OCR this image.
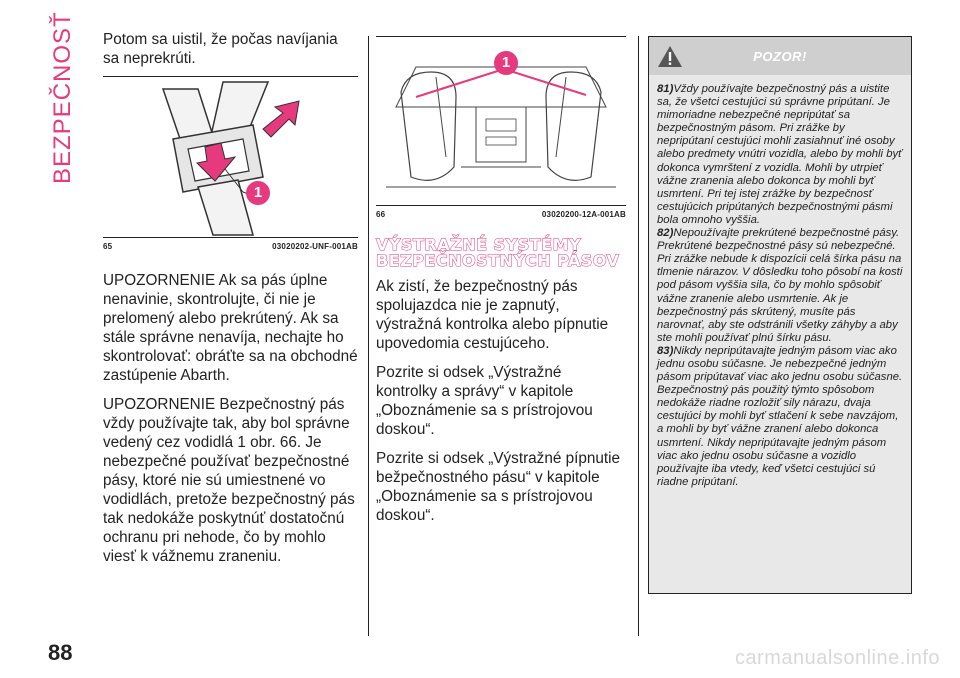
BEZPEČNOSŤ Potom sa uistil, že počas navíjania sa neprekrúti.

1
65	03020202-UNF-001AB

UPOZORNENIE Ak sa pás úplne nenavinie, skontrolujte, či nie je prelomený alebo prekrútený. Ak sa stále správne nenavíja, nechajte ho skontrolovať: obráťte sa na obchodné zastúpenie Abarth.

UPOZORNENIE Bezpečnostný pás vždy používajte tak, aby bol správne vedený cez vodidlá 1 obr. 66. Je nebezpečné používať bezpečnostné pásy, ktoré nie sú umiestnené vo vodidlách, pretože bezpečnostný pás tak nedokáže poskytnúť dostatočnú ochranu pri nehode, čo by mohlo viesť k vážnemu zraneniu.

1
66	03020200-12A-001AB
VÝSTRAŽNÉ SYSTÉMY BEZPEČNOSTNÝCH PÁSOV

Ak zistí, že bezpečnostný pás spolujazdca nie je zapnutý, výstražná kontrolka alebo pípnutie upovedomia cestujúceho.

Pozrite si odsek „Výstražné kontrolky a správy“ v kapitole „Oboznámenie sa s prístrojovou doskou“.

Pozrite si odsek „Výstražné pípnutie bežpečnostného pásu“ v kapitole „Oboznámenie sa s prístrojovou doskou“.

POZOR!

81)Vždy používajte bezpečnostný pás a uistite sa, že všetci cestujúci sú správne pripútaní. Je mimoriadne nebezpečné nepripútať sa bezpečnostným pásom. Pri zrážke by nepripútaní cestujúci mohli zasiahnuť iné osoby alebo predmety vnútri vozidla, alebo by mohli byť dokonca vymrštení z vozidla. Mohli by utrpieť vážne zranenia alebo dokonca by mohli byť usmrtení. Pri tej istej zrážke by bezpečnosť cestujúcich pripútaných bezpečnostnými pásmi bola omnoho vyššia.

82)Nepoužívajte prekrútené bezpečnostné pásy. Prekrútené bezpečnostné pásy sú nebezpečné. Pri zrážke nebude k dispozícii celá šírka pásu na tlmenie nárazov. V dôsledku toho pôsobí na kosti pod pásom vyššia sila, čo by mohlo spôsobiť vážne zranenie alebo usmrtenie. Ak je bezpečnostný pás skrútený, musíte pás narovnať, aby ste odstránili všetky záhyby a aby ste mohli používať plnú šírku pásu.

83)Nikdy nepripútavajte jedným pásom viac ako jednu osobu súčasne. Je nebezpečné jedným pásom pripútavať viac ako jednu osobu súčasne. Bezpečnostný pás použitý týmto spôsobom nedokáže riadne rozložiť sily nárazu, dvaja cestujúci by mohli byť stlačení k sebe navzájom, a mohli by byť vážne zranení alebo dokonca usmrtení. Nikdy nepripútavajte jedným pásom viac ako jednu osobu súčasne a vozidlo používajte iba vtedy, keď všetci cestujúci sú riadne pripútaní.

88	carmanualsonline.info
